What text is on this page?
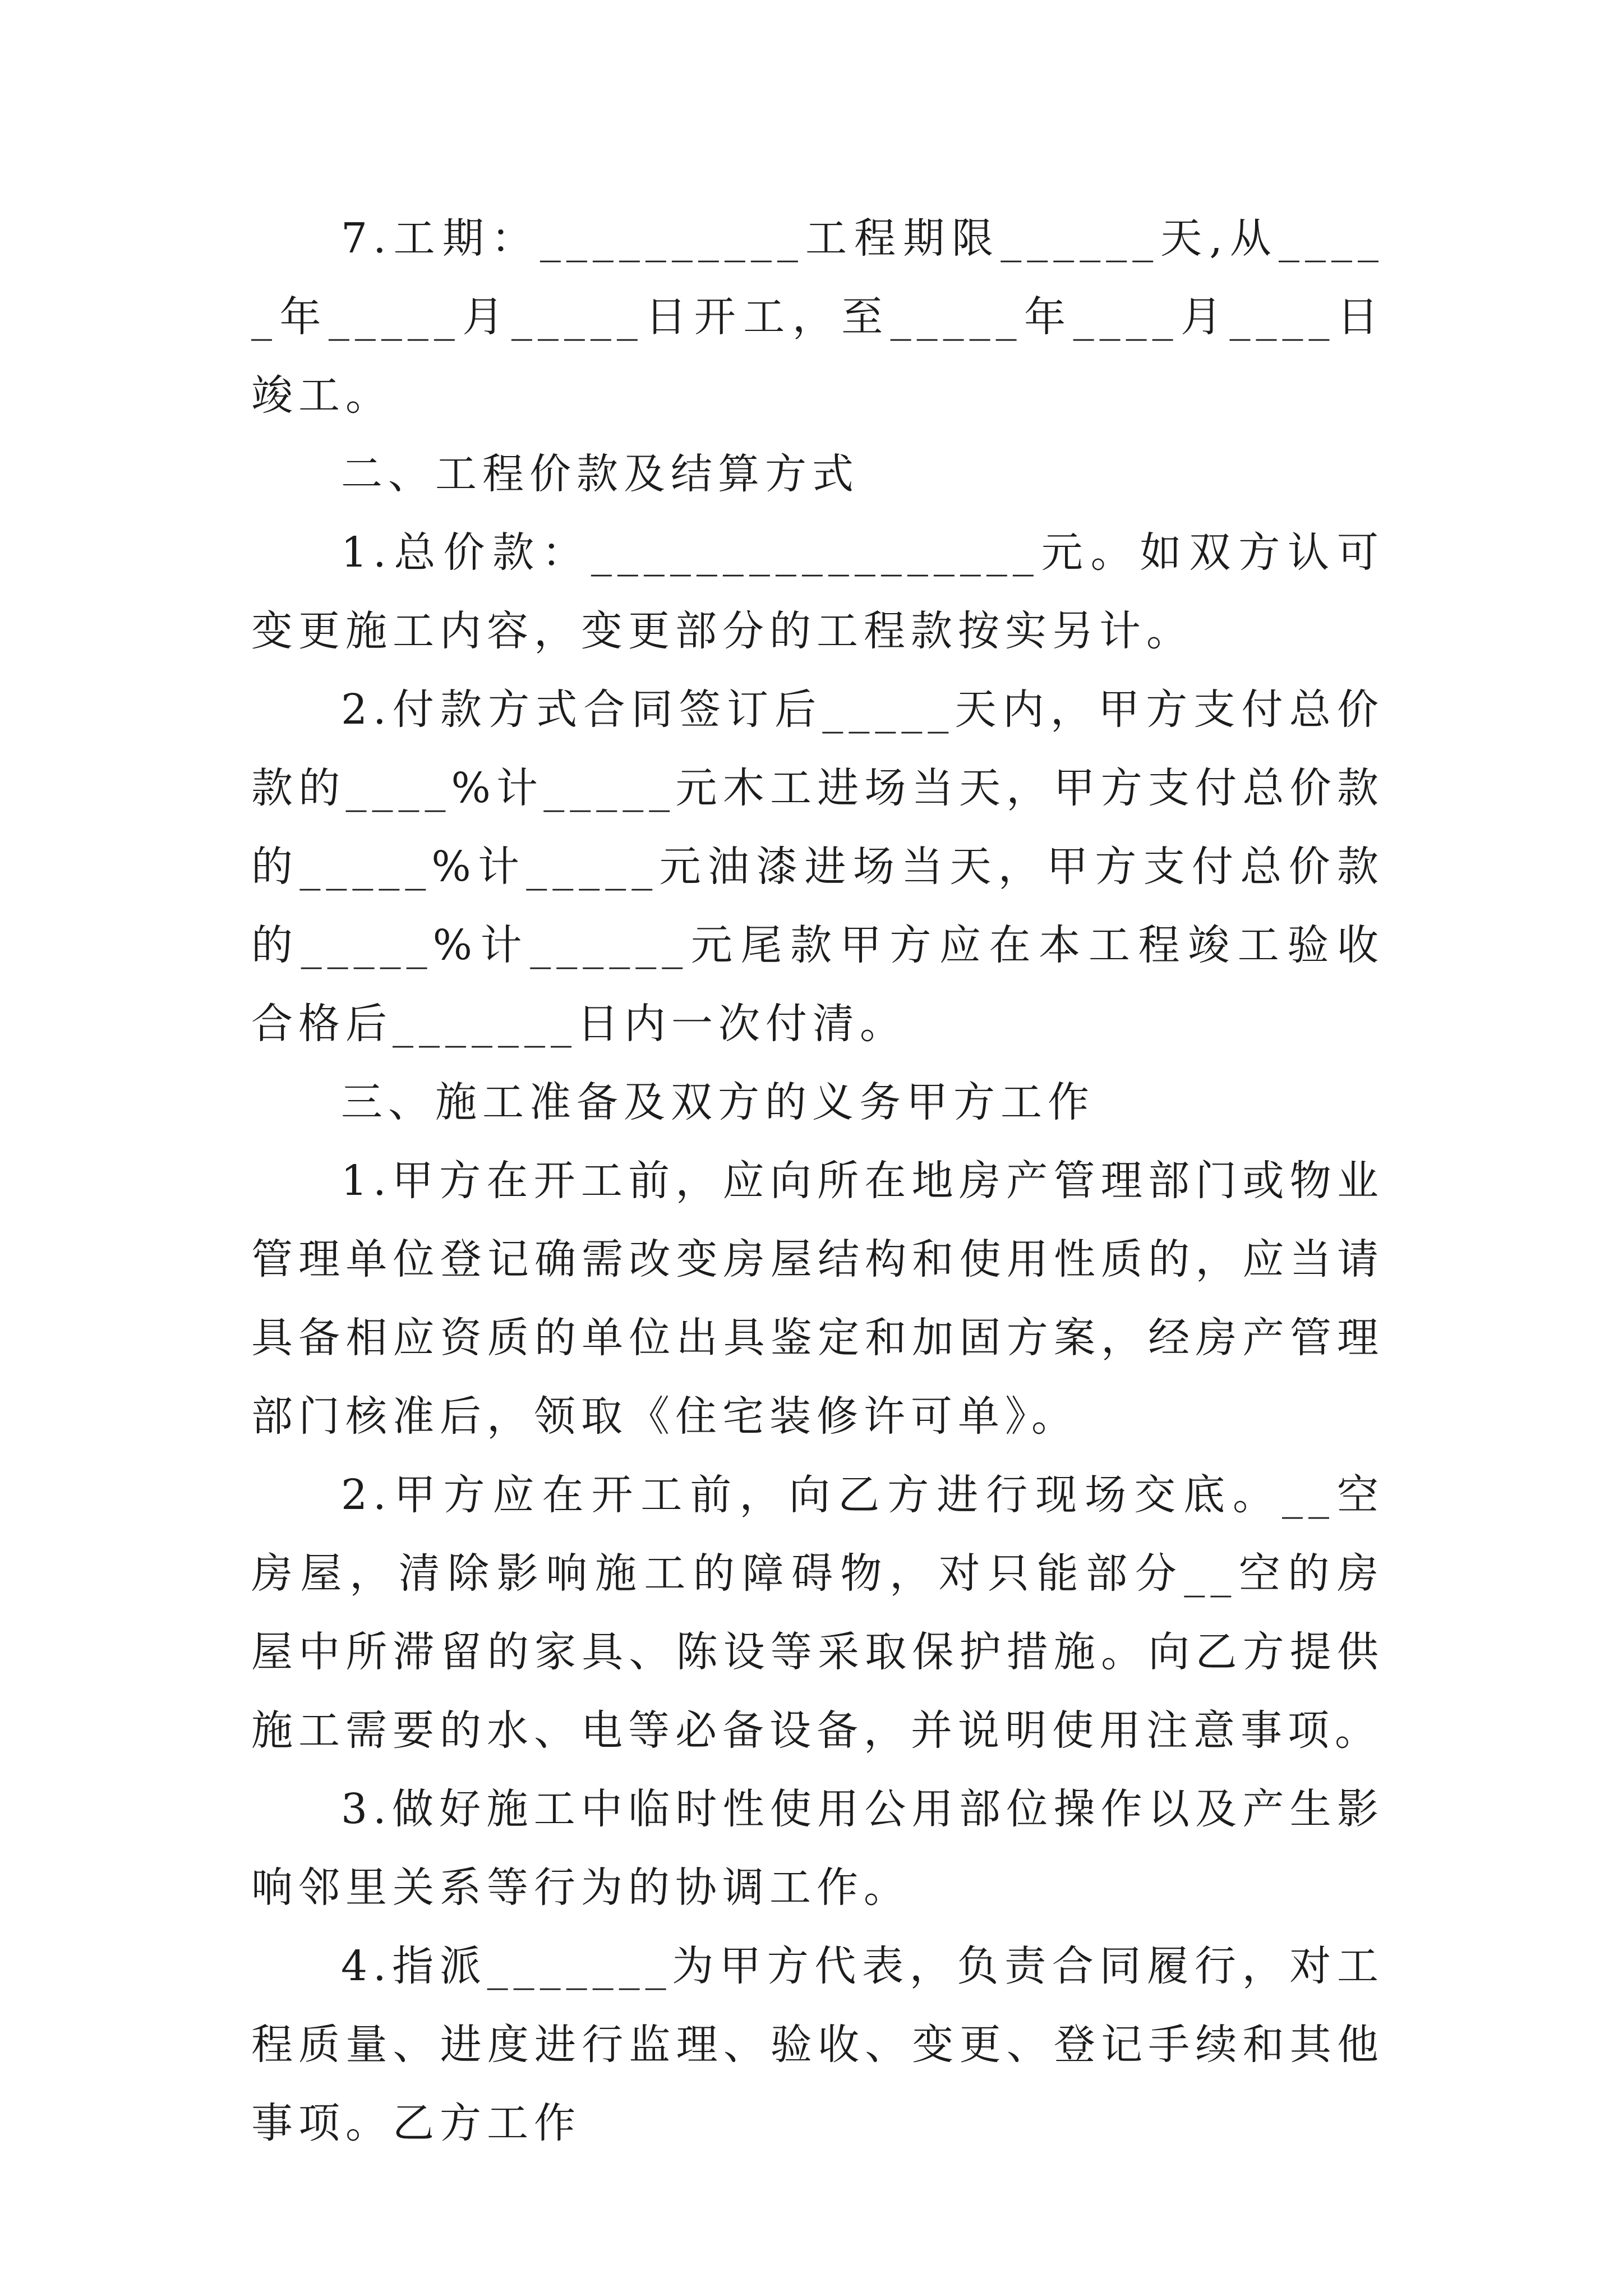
7.工期：__________工程期限______天,从_____年_____月_____日开工，至_____年____月____日竣工。

二、工程价款及结算方式

1.总价款：_________________元。如双方认可变更施工内容，变更部分的工程款按实另计。

2.付款方式合同签订后_____天内，甲方支付总价款的____%计_____元木工进场当天，甲方支付总价款的_____%计_____元油漆进场当天，甲方支付总价款的_____%计______元尾款甲方应在本工程竣工验收合格后_______日内一次付清。

三、施工准备及双方的义务甲方工作

1.甲方在开工前，应向所在地房产管理部门或物业管理单位登记确需改变房屋结构和使用性质的，应当请具备相应资质的单位出具鉴定和加固方案，经房产管理部门核准后，领取《住宅装修许可单》。

2.甲方应在开工前，向乙方进行现场交底。__空房屋，清除影响施工的障碍物，对只能部分__空的房屋中所滞留的家具、陈设等采取保护措施。向乙方提供施工需要的水、电等必备设备，并说明使用注意事项。

3.做好施工中临时性使用公用部位操作以及产生影响邻里关系等行为的协调工作。

4.指派_______为甲方代表，负责合同履行，对工程质量、进度进行监理、验收、变更、登记手续和其他事项。乙方工作
